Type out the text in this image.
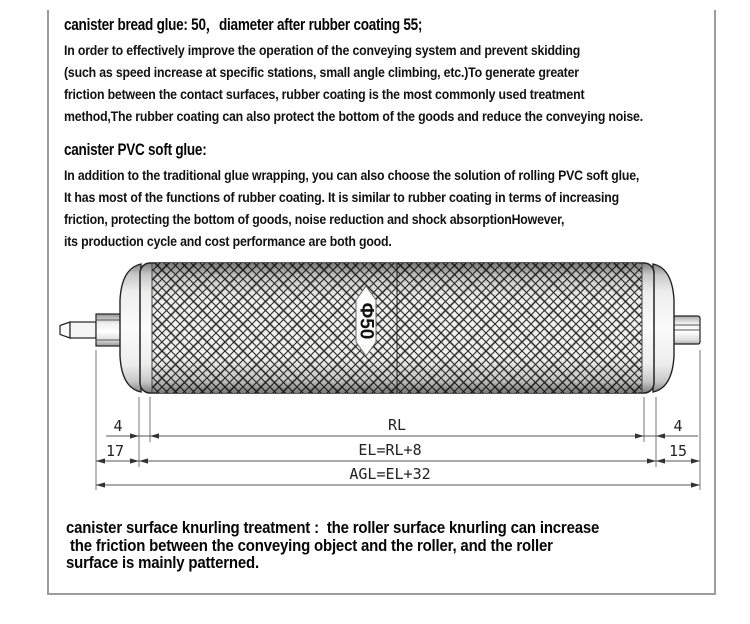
canister bread glue: 50，diameter after rubber coating 55;
In order to effectively improve the operation of the conveying system and prevent skidding
(such as speed increase at specific stations, small angle climbing, etc.)To generate greater
friction between the contact surfaces, rubber coating is the most commonly used treatment
method,The rubber coating can also protect the bottom of the goods and reduce the conveying noise.
canister PVC soft glue:
In addition to the traditional glue wrapping, you can also choose the solution of rolling PVC soft glue,
It has most of the functions of rubber coating. It is similar to rubber coating in terms of increasing
friction, protecting the bottom of goods, noise reduction and shock absorptionHowever,
its production cycle and cost performance are both good.
Φ50
4	RL	4
17	EL=RL+8	15
AGL=EL+32
canister surface knurling treatment :  the roller surface knurling can increase
the friction between the conveying object and the roller, and the roller
surface is mainly patterned.
